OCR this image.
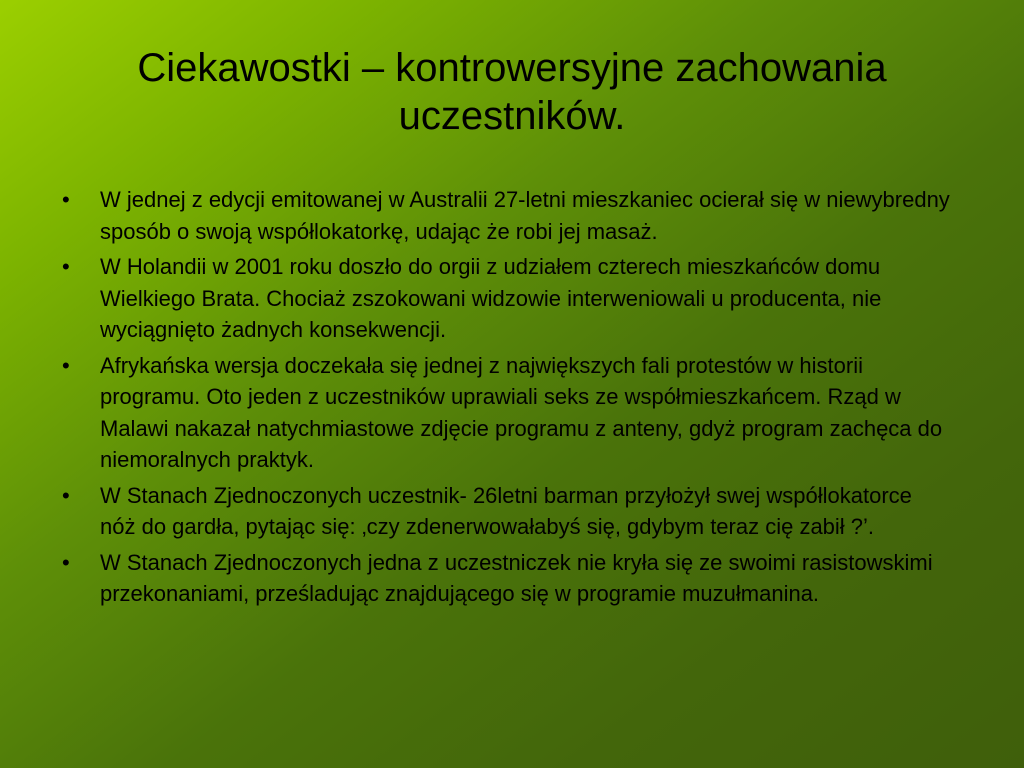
Ciekawostki – kontrowersyjne zachowania uczestników.
•	W jednej z edycji emitowanej w Australii 27-letni mieszkaniec ocierał się w niewybredny sposób o swoją współlokatorkę, udając że robi jej masaż.
•	W Holandii w 2001 roku doszło do orgii z udziałem czterech mieszkańców domu Wielkiego Brata. Chociaż zszokowani widzowie interweniowali u producenta, nie wyciągnięto żadnych konsekwencji.
•	Afrykańska wersja doczekała się jednej z największych fali protestów w historii programu. Oto jeden z uczestników uprawiali seks ze współmieszkańcem. Rząd w Malawi nakazał natychmiastowe zdjęcie programu z anteny, gdyż program zachęca do niemoralnych praktyk.
•	W Stanach Zjednoczonych uczestnik- 26letni barman przyłożył swej współlokatorce nóż do gardła, pytając się: ‚czy zdenerwowałabyś się, gdybym teraz cię zabił ?’.
•	W Stanach Zjednoczonych jedna z uczestniczek nie kryła się ze swoimi rasistowskimi przekonaniami, prześladując znajdującego się w programie muzułmanina.
